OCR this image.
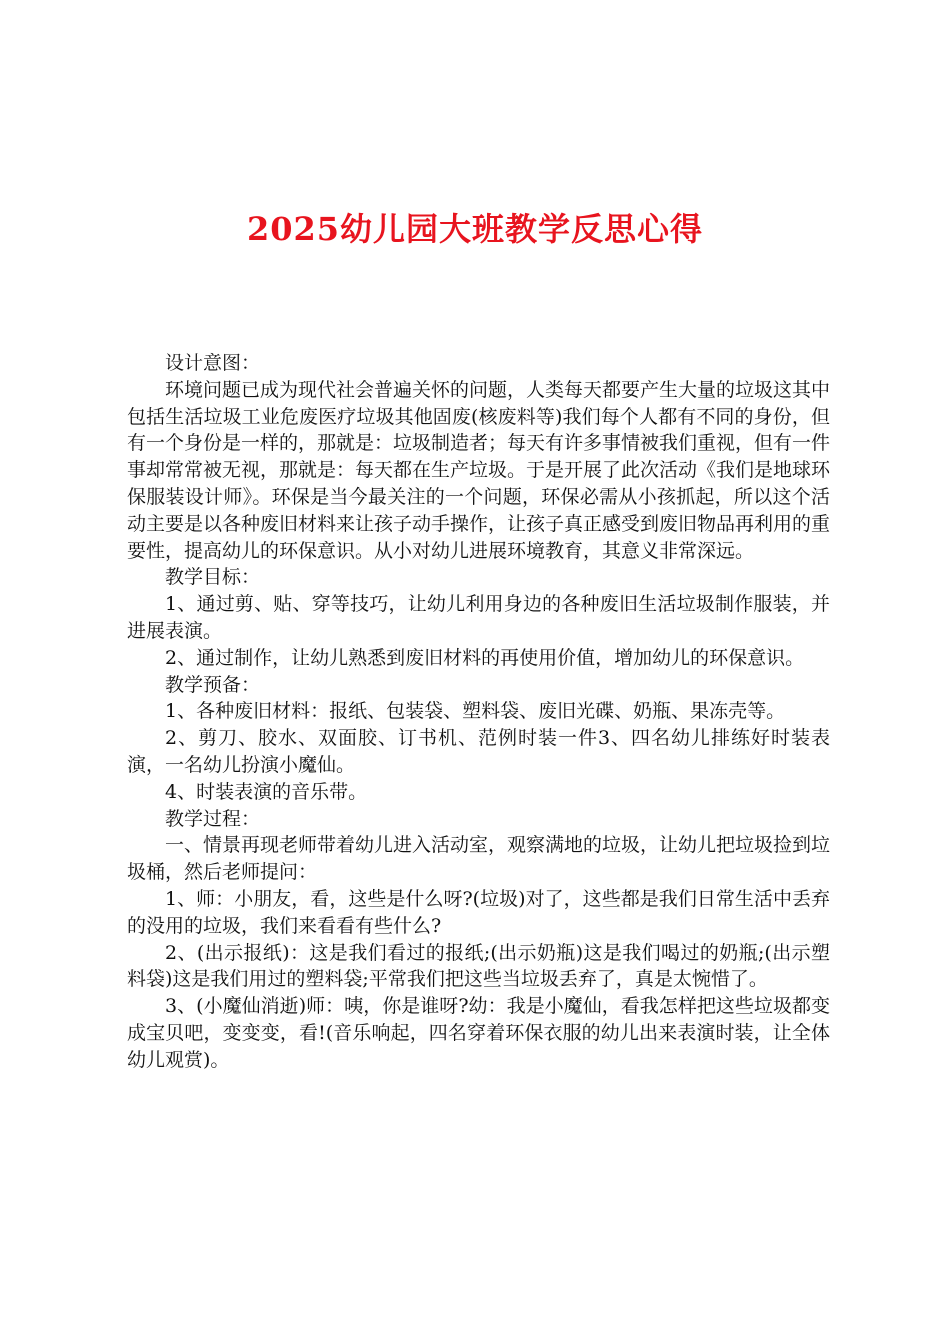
2025幼儿园大班教学反思心得

设计意图：

环境问题已成为现代社会普遍关怀的问题，人类每天都要产生大量的垃圾这其中包括生活垃圾工业危废医疗垃圾其他固废(核废料等)我们每个人都有不同的身份，但有一个身份是一样的，那就是：垃圾制造者；每天有许多事情被我们重视，但有一件事却常常被无视，那就是：每天都在生产垃圾。于是开展了此次活动《我们是地球环保服装设计师》。环保是当今最关注的一个问题，环保必需从小孩抓起，所以这个活动主要是以各种废旧材料来让孩子动手操作，让孩子真正感受到废旧物品再利用的重要性，提高幼儿的环保意识。从小对幼儿进展环境教育，其意义非常深远。

教学目标：

1、通过剪、贴、穿等技巧，让幼儿利用身边的各种废旧生活垃圾制作服装，并进展表演。

2、通过制作，让幼儿熟悉到废旧材料的再使用价值，增加幼儿的环保意识。

教学预备：

1、各种废旧材料：报纸、包装袋、塑料袋、废旧光碟、奶瓶、果冻壳等。

2、剪刀、胶水、双面胶、订书机、范例时装一件3、四名幼儿排练好时装表演，一名幼儿扮演小魔仙。

4、时装表演的音乐带。

教学过程：

一、情景再现老师带着幼儿进入活动室，观察满地的垃圾，让幼儿把垃圾捡到垃圾桶，然后老师提问：

1、师：小朋友，看，这些是什么呀?(垃圾)对了，这些都是我们日常生活中丢弃的没用的垃圾，我们来看看有些什么?

2、(出示报纸)：这是我们看过的报纸;(出示奶瓶)这是我们喝过的奶瓶;(出示塑料袋)这是我们用过的塑料袋;平常我们把这些当垃圾丢弃了，真是太惋惜了。

3、(小魔仙消逝)师：咦，你是谁呀?幼：我是小魔仙，看我怎样把这些垃圾都变成宝贝吧，变变变，看!(音乐响起，四名穿着环保衣服的幼儿出来表演时装，让全体幼儿观赏)。
